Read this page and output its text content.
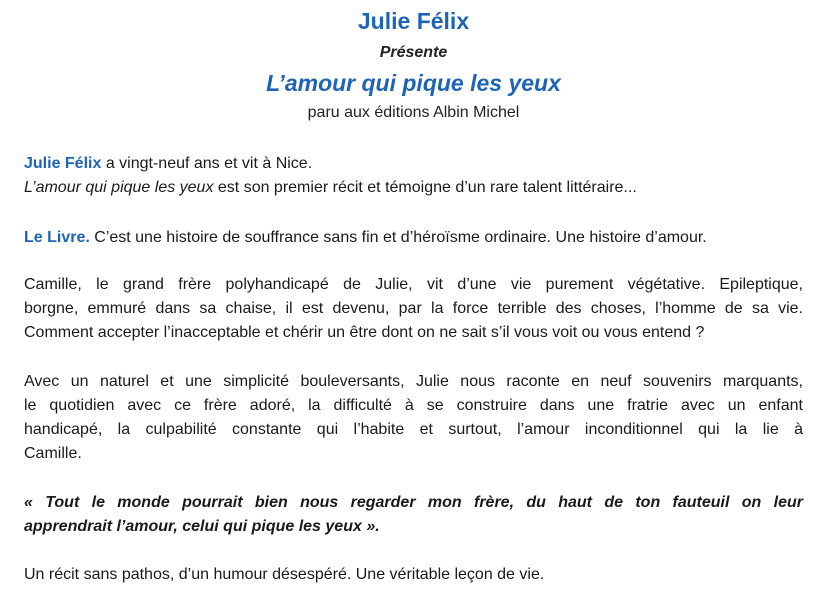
Julie Félix
Présente
L’amour qui pique les yeux
paru aux éditions Albin Michel
Julie Félix a vingt-neuf ans et vit à Nice.
L’amour qui pique les yeux est son premier récit et témoigne d’un rare talent littéraire...
Le Livre. C’est une histoire de souffrance sans fin et d’héroïsme ordinaire. Une histoire d’amour.
Camille, le grand frère polyhandicapé de Julie, vit d’une vie purement végétative. Epileptique,
borgne, emmuré dans sa chaise, il est devenu, par la force terrible des choses, l’homme de sa vie.
Comment accepter l’inacceptable et chérir un être dont on ne sait s’il vous voit ou vous entend ?
Avec un naturel et une simplicité bouleversants, Julie nous raconte en neuf souvenirs marquants,
le quotidien avec ce frère adoré, la difficulté à se construire dans une fratrie avec un enfant
handicapé, la culpabilité constante qui l’habite et surtout, l’amour inconditionnel qui la lie à
Camille.
« Tout le monde pourrait bien nous regarder mon frère, du haut de ton fauteuil on leur
apprendrait l’amour, celui qui pique les yeux ».
Un récit sans pathos, d’un humour désespéré. Une véritable leçon de vie.
